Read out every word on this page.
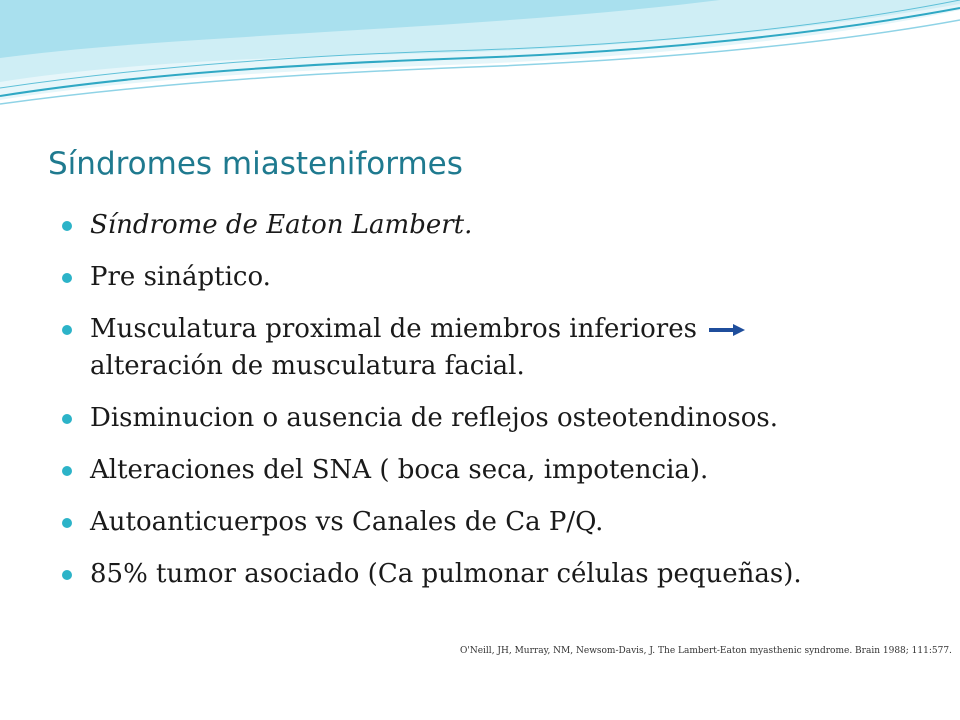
Síndromes miasteniformes
Síndrome de Eaton Lambert.
Pre sináptico.
Musculatura proximal de miembros inferiores
alteración de musculatura facial.
Disminucion o ausencia de reflejos osteotendinosos.
Alteraciones del SNA ( boca seca, impotencia).
Autoanticuerpos vs Canales de Ca P/Q.
85% tumor asociado (Ca pulmonar células pequeñas).

O'Neill, JH, Murray, NM, Newsom-Davis, J. The Lambert-Eaton myasthenic syndrome. Brain 1988; 111:577.
